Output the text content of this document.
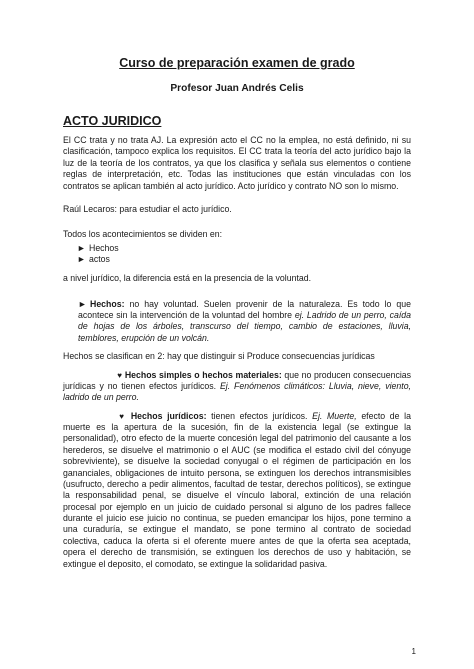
Curso de preparación examen de grado
Profesor Juan Andrés Celis
ACTO JURIDICO

El CC trata y no trata AJ. La expresión acto el CC no la emplea, no está definido, ni su clasificación, tampoco explica los requisitos. El CC trata la teoría del acto jurídico bajo la luz de la teoría de los contratos, ya que los clasifica y señala sus elementos o contiene reglas de interpretación, etc. Todas las instituciones que están vinculadas con los contratos se aplican también al acto jurídico. Acto jurídico y contrato NO son lo mismo.

Raúl Lecaros: para estudiar el acto jurídico.

Todos los acontecimientos se dividen en:

► Hechos
► actos

a nivel jurídico, la diferencia está en la presencia de la voluntad.

► Hechos: no hay voluntad. Suelen provenir de la naturaleza. Es todo lo que acontece sin la intervención de la voluntad del hombre ej. Ladrido de un perro, caída de hojas de los árboles, transcurso del tiempo, cambio de estaciones, lluvia, temblores, erupción de un volcán.

Hechos se clasifican en 2: hay que distinguir si Produce consecuencias jurídicas

♥ Hechos simples o hechos materiales: que no producen consecuencias jurídicas y no tienen efectos jurídicos. Ej. Fenómenos climáticos: Lluvia, nieve, viento, ladrido de un perro.

♥ Hechos jurídicos: tienen efectos jurídicos. Ej. Muerte, efecto de la muerte es la apertura de la sucesión, fin de la existencia legal (se extingue la personalidad), otro efecto de la muerte concesión legal del patrimonio del causante a los herederos, se disuelve el matrimonio o el AUC (se modifica el estado civil del cónyuge sobreviviente), se disuelve la sociedad conyugal o el régimen de participación en los gananciales, obligaciones de intuito persona, se extinguen los derechos intransmisibles (usufructo, derecho a pedir alimentos, facultad de testar, derechos políticos), se extingue la responsabilidad penal, se disuelve el vínculo laboral, extinción de una relación procesal por ejemplo en un juicio de cuidado personal si alguno de los padres fallece durante el juicio ese juicio no continua, se pueden emancipar los hijos, pone termino a una curaduría, se extingue el mandato, se pone termino al contrato de sociedad colectiva, caduca la oferta si el oferente muere antes de que la oferta sea aceptada, opera el derecho de transmisión, se extinguen los derechos de uso y habitación, se extingue el deposito, el comodato, se extingue la solidaridad pasiva.

1
